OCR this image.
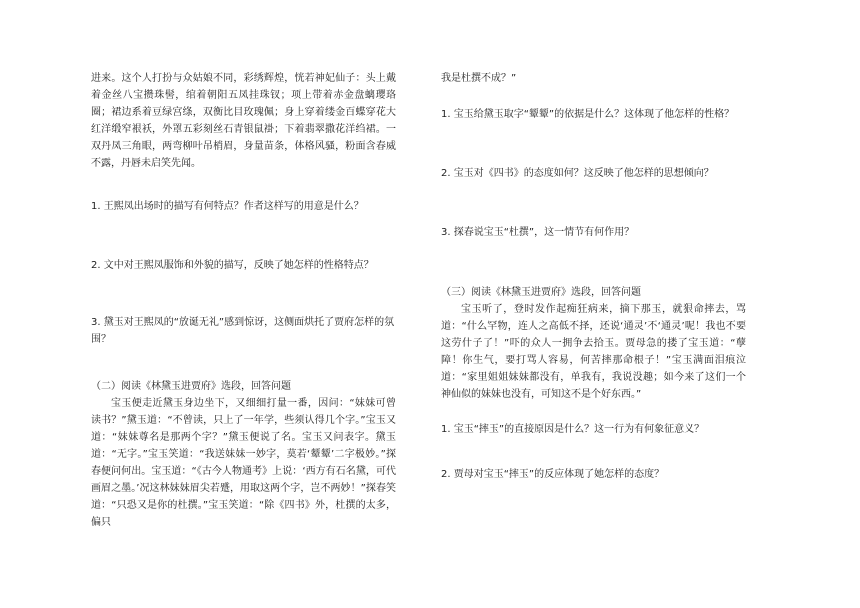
进来。这个人打扮与众姑娘不同，彩绣辉煌，恍若神妃仙子：头上戴着金丝八宝攒珠髻，绾着朝阳五凤挂珠钗；项上带着赤金盘螭璎珞圈；裙边系着豆绿宫绦，双衡比目玫瑰佩；身上穿着缕金百蝶穿花大红洋缎窄裉袄，外罩五彩刻丝石青银鼠褂；下着翡翠撒花洋绉裙。一双丹凤三角眼，两弯柳叶吊梢眉，身量苗条，体格风骚，粉面含春威不露，丹唇未启笑先闻。

1. 王熙凤出场时的描写有何特点？作者这样写的用意是什么？

2. 文中对王熙凤服饰和外貌的描写，反映了她怎样的性格特点？

3. 黛玉对王熙凤的“放诞无礼”感到惊讶，这侧面烘托了贾府怎样的氛围？

（二）阅读《林黛玉进贾府》选段，回答问题

宝玉便走近黛玉身边坐下，又细细打量一番，因问：“妹妹可曾读书？”黛玉道：“不曾读，只上了一年学，些须认得几个字。”宝玉又道：“妹妹尊名是那两个字？”黛玉便说了名。宝玉又问表字。黛玉道：“无字。”宝玉笑道：“我送妹妹一妙字，莫若‘颦颦’二字极妙。”探春便问何出。宝玉道：“《古今人物通考》上说：‘西方有石名黛，可代画眉之墨。’况这林妹妹眉尖若蹙，用取这两个字，岂不两妙！”探春笑道：“只恐又是你的杜撰。”宝玉笑道：“除《四书》外，杜撰的太多，偏只

我是杜撰不成？”

1. 宝玉给黛玉取字“颦颦”的依据是什么？这体现了他怎样的性格？

2. 宝玉对《四书》的态度如何？这反映了他怎样的思想倾向？

3. 探春说宝玉“杜撰”，这一情节有何作用？

（三）阅读《林黛玉进贾府》选段，回答问题

宝玉听了，登时发作起痴狂病来，摘下那玉，就狠命摔去，骂道：“什么罕物，连人之高低不择，还说‘通灵’不‘通灵’呢！我也不要这劳什子了！”吓的众人一拥争去拾玉。贾母急的搂了宝玉道：“孽障！你生气，要打骂人容易，何苦摔那命根子！”宝玉满面泪痕泣道：“家里姐姐妹妹都没有，单我有，我说没趣；如今来了这们一个神仙似的妹妹也没有，可知这不是个好东西。”

1. 宝玉“摔玉”的直接原因是什么？这一行为有何象征意义？

2. 贾母对宝玉“摔玉”的反应体现了她怎样的态度？
